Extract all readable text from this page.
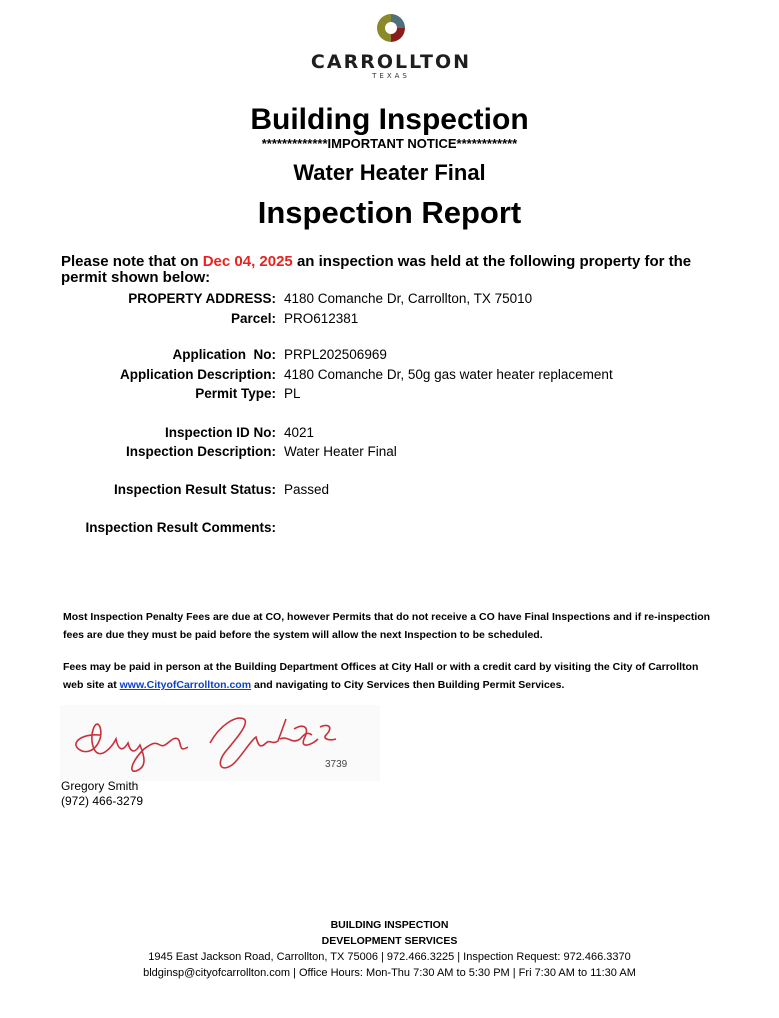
CARROLLTON
TEXAS
Building Inspection
*************IMPORTANT NOTICE************
Water Heater Final
Inspection Report
Please note that on Dec 04, 2025 an inspection was held at the following property for the permit shown below:
PROPERTY ADDRESS: 4180 Comanche Dr, Carrollton, TX 75010
Parcel: PRO612381
Application  No: PRPL202506969
Application Description: 4180 Comanche Dr, 50g gas water heater replacement
Permit Type: PL
Inspection ID No: 4021
Inspection Description: Water Heater Final
Inspection Result Status: Passed
Inspection Result Comments:
Most Inspection Penalty Fees are due at CO, however Permits that do not receive a CO have Final Inspections and if re-inspection fees are due they must be paid before the system will allow the next Inspection to be scheduled.
Fees may be paid in person at the Building Department Offices at City Hall or with a credit card by visiting the City of Carrollton web site at www.CityofCarrollton.com and navigating to City Services then Building Permit Services.
3739
Gregory Smith
(972) 466-3279
BUILDING INSPECTION
DEVELOPMENT SERVICES
1945 East Jackson Road, Carrollton, TX 75006 | 972.466.3225 | Inspection Request: 972.466.3370
bldginsp@cityofcarrollton.com | Office Hours: Mon-Thu 7:30 AM to 5:30 PM | Fri 7:30 AM to 11:30 AM
